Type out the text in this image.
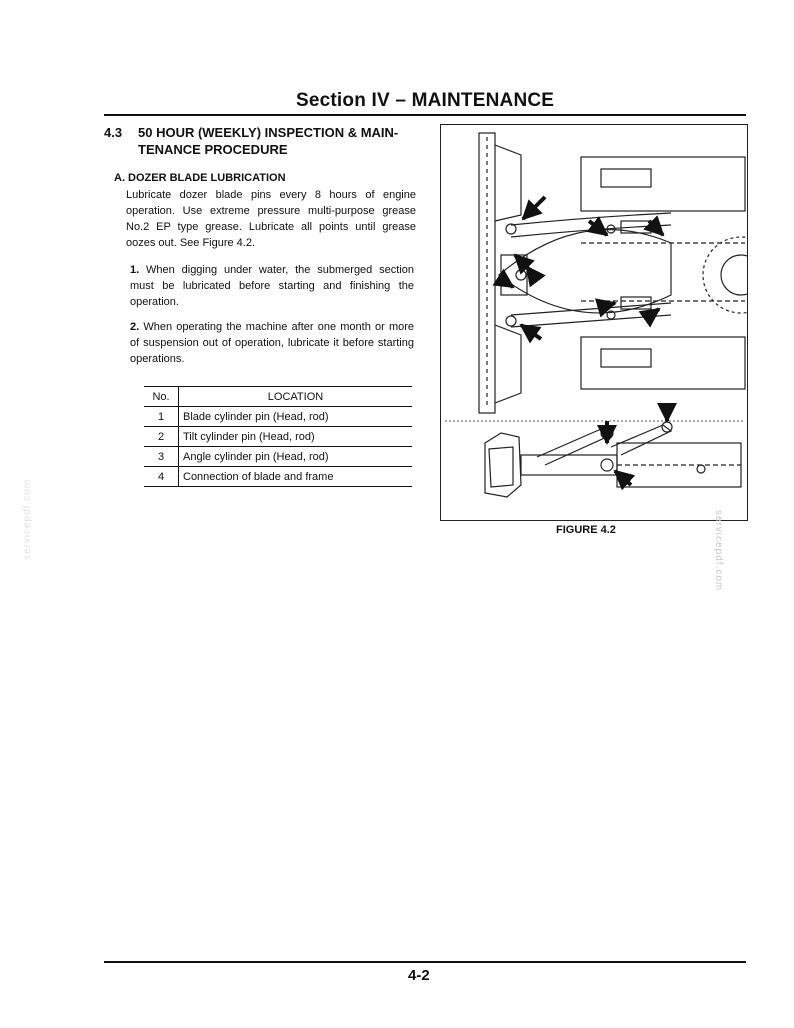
Section IV – MAINTENANCE
4.3 50 HOUR (WEEKLY) INSPECTION & MAIN-
TENANCE PROCEDURE
A. DOZER BLADE LUBRICATION
Lubricate dozer blade pins every 8 hours of engine operation. Use extreme pressure multi-purpose grease No.2 EP type grease. Lubricate all points until grease oozes out. See Figure 4.2.
1. When digging under water, the submerged section must be lubricated before starting and finishing the operation.
2. When operating the machine after one month or more of suspension out of operation, lubricate it before starting operations.
No.	LOCATION
1	Blade cylinder pin (Head, rod)
2	Tilt cylinder pin (Head, rod)
3	Angle cylinder pin (Head, rod)
4	Connection of blade and frame
FIGURE 4.2	servicepdf.com
servicepdf.com
4-2
